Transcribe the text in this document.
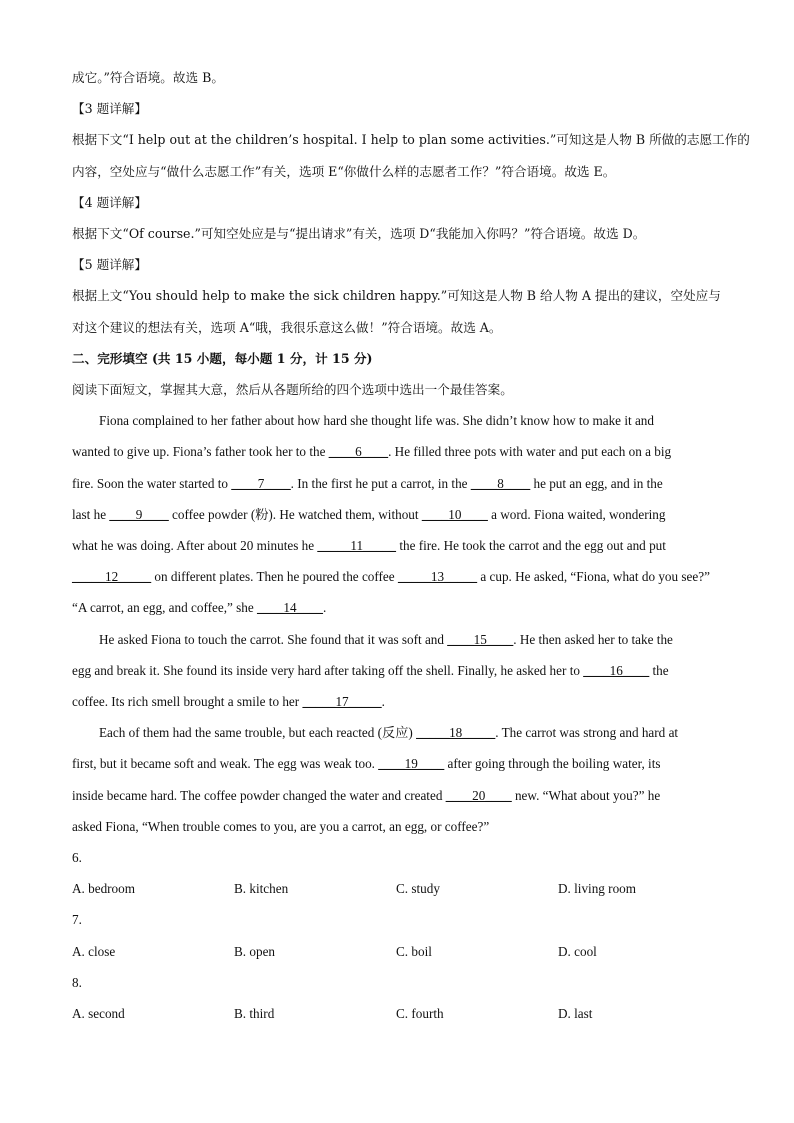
成它。”符合语境。故选 B。
【3 题详解】
根据下文“I help out at the children’s hospital. I help to plan some activities.”可知这是人物 B 所做的志愿工作的
内容，空处应与“做什么志愿工作”有关，选项 E“你做什么样的志愿者工作？”符合语境。故选 E。
【4 题详解】
根据下文“Of course.”可知空处应是与“提出请求”有关，选项 D“我能加入你吗？”符合语境。故选 D。
【5 题详解】
根据上文“You should help to make the sick children happy.”可知这是人物 B 给人物 A 提出的建议，空处应与
对这个建议的想法有关，选项 A“哦，我很乐意这么做！”符合语境。故选 A。
二、完形填空 (共 15 小题，每小题 1 分，计 15 分)
阅读下面短文，掌握其大意，然后从各题所给的四个选项中选出一个最佳答案。
Fiona complained to her father about how hard she thought life was. She didn’t know how to make it and
wanted to give up. Fiona’s father took her to the ____6____. He filled three pots with water and put each on a big
fire. Soon the water started to ____7____. In the first he put a carrot, in the ____8____ he put an egg, and in the
last he ____9____ coffee powder (粉). He watched them, without ____10____ a word. Fiona waited, wondering
what he was doing. After about 20 minutes he _____11_____ the fire. He took the carrot and the egg out and put
_____12_____ on different plates. Then he poured the coffee _____13_____ a cup. He asked, “Fiona, what do you see?”
“A carrot, an egg, and coffee,” she ____14____.
He asked Fiona to touch the carrot. She found that it was soft and ____15____. He then asked her to take the
egg and break it. She found its inside very hard after taking off the shell. Finally, he asked her to ____16____ the
coffee. Its rich smell brought a smile to her _____17_____.
Each of them had the same trouble, but each reacted (反应) _____18_____. The carrot was strong and hard at
first, but it became soft and weak. The egg was weak too. ____19____ after going through the boiling water, its
inside became hard. The coffee powder changed the water and created ____20____ new. “What about you?” he
asked Fiona, “When trouble comes to you, are you a carrot, an egg, or coffee?”
6.
A. bedroom	B. kitchen	C. study	D. living room
7.
A. close	B. open	C. boil	D. cool
8.
A. second	B. third	C. fourth	D. last
